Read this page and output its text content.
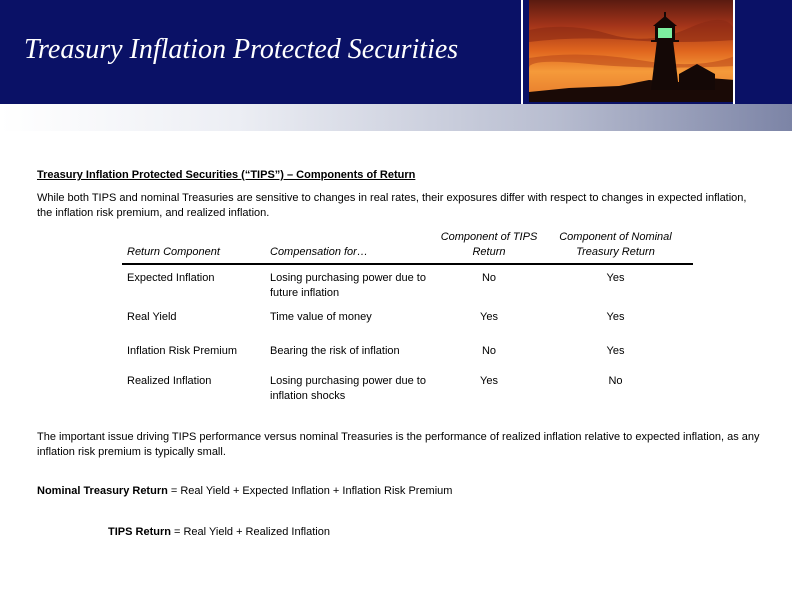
Treasury Inflation Protected Securities
Treasury Inflation Protected Securities (“TIPS”) – Components of Return
While both TIPS and nominal Treasuries are sensitive to changes in real rates, their exposures differ with respect to changes in expected inflation, the inflation risk premium, and realized inflation.
Return Component	Compensation for…	Component of TIPS Return	Component of Nominal Treasury Return
Expected Inflation	Losing purchasing power due to future inflation	No	Yes
Real Yield	Time value of money	Yes	Yes
Inflation Risk Premium	Bearing the risk of inflation	No	Yes
Realized Inflation	Losing purchasing power due to inflation shocks	Yes	No
The important issue driving TIPS performance versus nominal Treasuries is the performance of realized inflation relative to expected inflation, as any inflation risk premium is typically small.
Nominal Treasury Return = Real Yield + Expected Inflation + Inflation Risk Premium
TIPS Return = Real Yield + Realized Inflation
